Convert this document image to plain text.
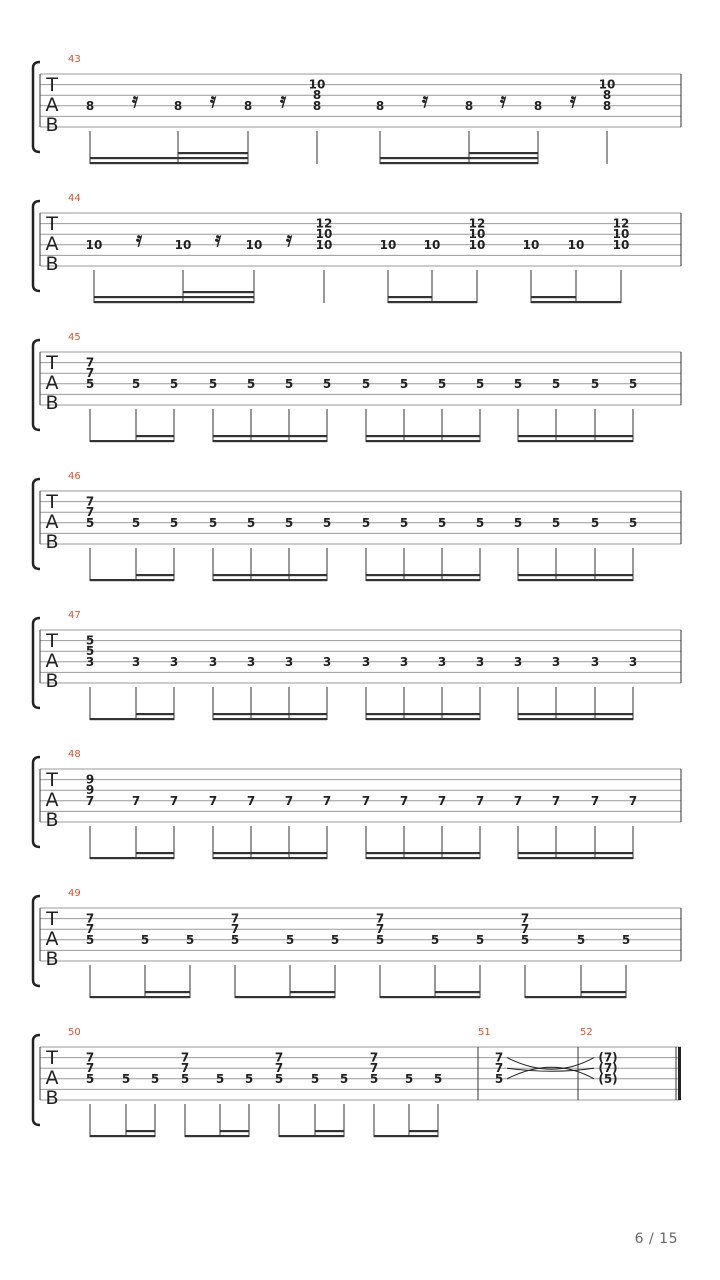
T
A
B
43
8 𝄿	8 𝄿 8 𝄿
10
8
8	8 𝄿	8 𝄿 8 𝄿
10
8
8
T
A
B
44
10 𝄿	10 𝄿 10 𝄿
12
10
10	10 10
12
10
10	10 10
12
10
10
T
A
B
45
7
7
5	5 5	5 5 5 5	5 5 5 5 5 5	5 5
T
A
B
46
7
7
5	5 5	5 5 5 5	5 5 5 5 5 5	5 5
T
A
B
47
5
5
3	3 3	3 3 3 3	3 3 3 3 3 3	3 3
T
A
B
48
9
9
7	7 7	7 7 7 7	7 7 7 7 7 7	7 7
T
A
B
49
7
7
5	5	5
7
7
5	5	5
7
7
5	5	5
7
7
5	5	5
T
A
B
50	51	52
7
7
5 5 5
7
7
5 5 5
7
7
5 5 5
7
7
5 5 5
7	(7)
7	(7)
5	(5)
6 / 15
